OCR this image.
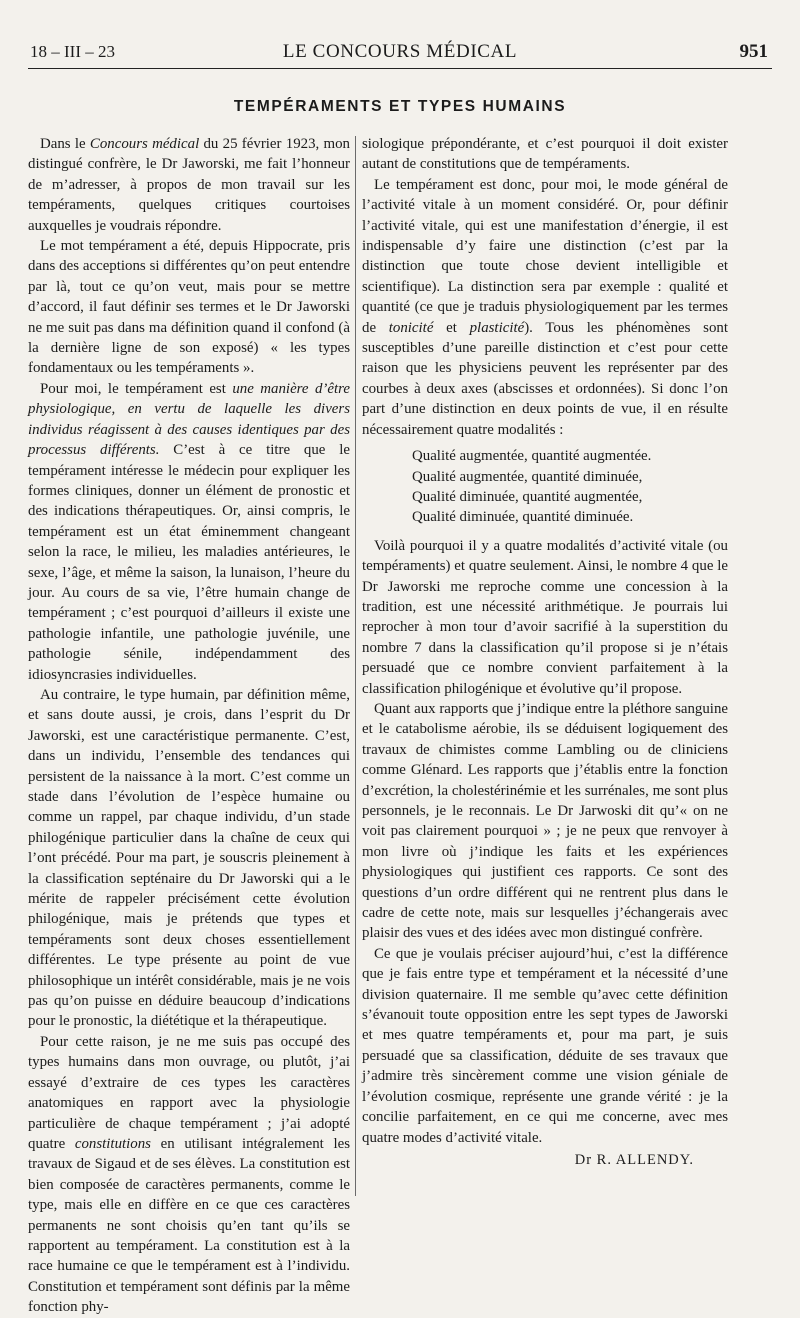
18 – III – 23	LE CONCOURS MÉDICAL	951
TEMPÉRAMENTS ET TYPES HUMAINS

Dans le Concours médical du 25 février 1923, mon distingué confrère, le Dr Jaworski, me fait l’honneur de m’adresser, à propos de mon travail sur les tempéraments, quelques critiques courtoises auxquelles je voudrais répondre.

Le mot tempérament a été, depuis Hippocrate, pris dans des acceptions si différentes qu’on peut entendre par là, tout ce qu’on veut, mais pour se mettre d’accord, il faut définir ses termes et le Dr Jaworski ne me suit pas dans ma définition quand il confond (à la dernière ligne de son exposé) « les types fondamentaux ou les tempéraments ».

Pour moi, le tempérament est une manière d’être physiologique, en vertu de laquelle les divers individus réagissent à des causes identiques par des processus différents. C’est à ce titre que le tempérament intéresse le médecin pour expliquer les formes cliniques, donner un élément de pronostic et des indications thérapeutiques. Or, ainsi compris, le tempérament est un état éminemment changeant selon la race, le milieu, les maladies antérieures, le sexe, l’âge, et même la saison, la lunaison, l’heure du jour. Au cours de sa vie, l’être humain change de tempérament ; c’est pourquoi d’ailleurs il existe une pathologie infantile, une pathologie juvénile, une pathologie sénile, indépendamment des idiosyncrasies individuelles.

Au contraire, le type humain, par définition même, et sans doute aussi, je crois, dans l’esprit du Dr Jaworski, est une caractéristique permanente. C’est, dans un individu, l’ensemble des tendances qui persistent de la naissance à la mort. C’est comme un stade dans l’évolution de l’espèce humaine ou comme un rappel, par chaque individu, d’un stade philogénique particulier dans la chaîne de ceux qui l’ont précédé. Pour ma part, je souscris pleinement à la classification septénaire du Dr Jaworski qui a le mérite de rappeler précisément cette évolution philogénique, mais je prétends que types et tempéraments sont deux choses essentiellement différentes. Le type présente au point de vue philosophique un intérêt considérable, mais je ne vois pas qu’on puisse en déduire beaucoup d’indications pour le pronostic, la diététique et la thérapeutique.

Pour cette raison, je ne me suis pas occupé des types humains dans mon ouvrage, ou plutôt, j’ai essayé d’extraire de ces types les caractères anatomiques en rapport avec la physiologie particulière de chaque tempérament ; j’ai adopté quatre constitutions en utilisant intégralement les travaux de Sigaud et de ses élèves. La constitution est bien composée de caractères permanents, comme le type, mais elle en diffère en ce que ces caractères permanents ne sont choisis qu’en tant qu’ils se rapportent au tempérament. La constitution est à la race humaine ce que le tempérament est à l’individu. Constitution et tempérament sont définis par la même fonction phy-

siologique prépondérante, et c’est pourquoi il doit exister autant de constitutions que de tempéraments.

Le tempérament est donc, pour moi, le mode général de l’activité vitale à un moment considéré. Or, pour définir l’activité vitale, qui est une manifestation d’énergie, il est indispensable d’y faire une distinction (c’est par la distinction que toute chose devient intelligible et scientifique). La distinction sera par exemple : qualité et quantité (ce que je traduis physiologiquement par les termes de tonicité et plasticité). Tous les phénomènes sont susceptibles d’une pareille distinction et c’est pour cette raison que les physiciens peuvent les représenter par des courbes à deux axes (abscisses et ordonnées). Si donc l’on part d’une distinction en deux points de vue, il en résulte nécessairement quatre modalités :

Qualité augmentée, quantité augmentée.
Qualité augmentée, quantité diminuée,
Qualité diminuée, quantité augmentée,
Qualité diminuée, quantité diminuée.

Voilà pourquoi il y a quatre modalités d’activité vitale (ou tempéraments) et quatre seulement. Ainsi, le nombre 4 que le Dr Jaworski me reproche comme une concession à la tradition, est une nécessité arithmétique. Je pourrais lui reprocher à mon tour d’avoir sacrifié à la superstition du nombre 7 dans la classification qu’il propose si je n’étais persuadé que ce nombre convient parfaitement à la classification philogénique et évolutive qu’il propose.

Quant aux rapports que j’indique entre la pléthore sanguine et le catabolisme aérobie, ils se déduisent logiquement des travaux de chimistes comme Lambling ou de cliniciens comme Glénard. Les rapports que j’établis entre la fonction d’excrétion, la cholestérinémie et les surrénales, me sont plus personnels, je le reconnais. Le Dr Jarwoski dit qu’« on ne voit pas clairement pourquoi » ; je ne peux que renvoyer à mon livre où j’indique les faits et les expériences physiologiques qui justifient ces rapports. Ce sont des questions d’un ordre différent qui ne rentrent plus dans le cadre de cette note, mais sur lesquelles j’échangerais avec plaisir des vues et des idées avec mon distingué confrère.

Ce que je voulais préciser aujourd’hui, c’est la différence que je fais entre type et tempérament et la nécessité d’une division quaternaire. Il me semble qu’avec cette définition s’évanouit toute opposition entre les sept types de Jaworski et mes quatre tempéraments et, pour ma part, je suis persuadé que sa classification, déduite de ses travaux que j’admire très sincèrement comme une vision géniale de l’évolution cosmique, représente une grande vérité : je la concilie parfaitement, en ce qui me concerne, avec mes quatre modes d’activité vitale.

Dr R. ALLENDY.
